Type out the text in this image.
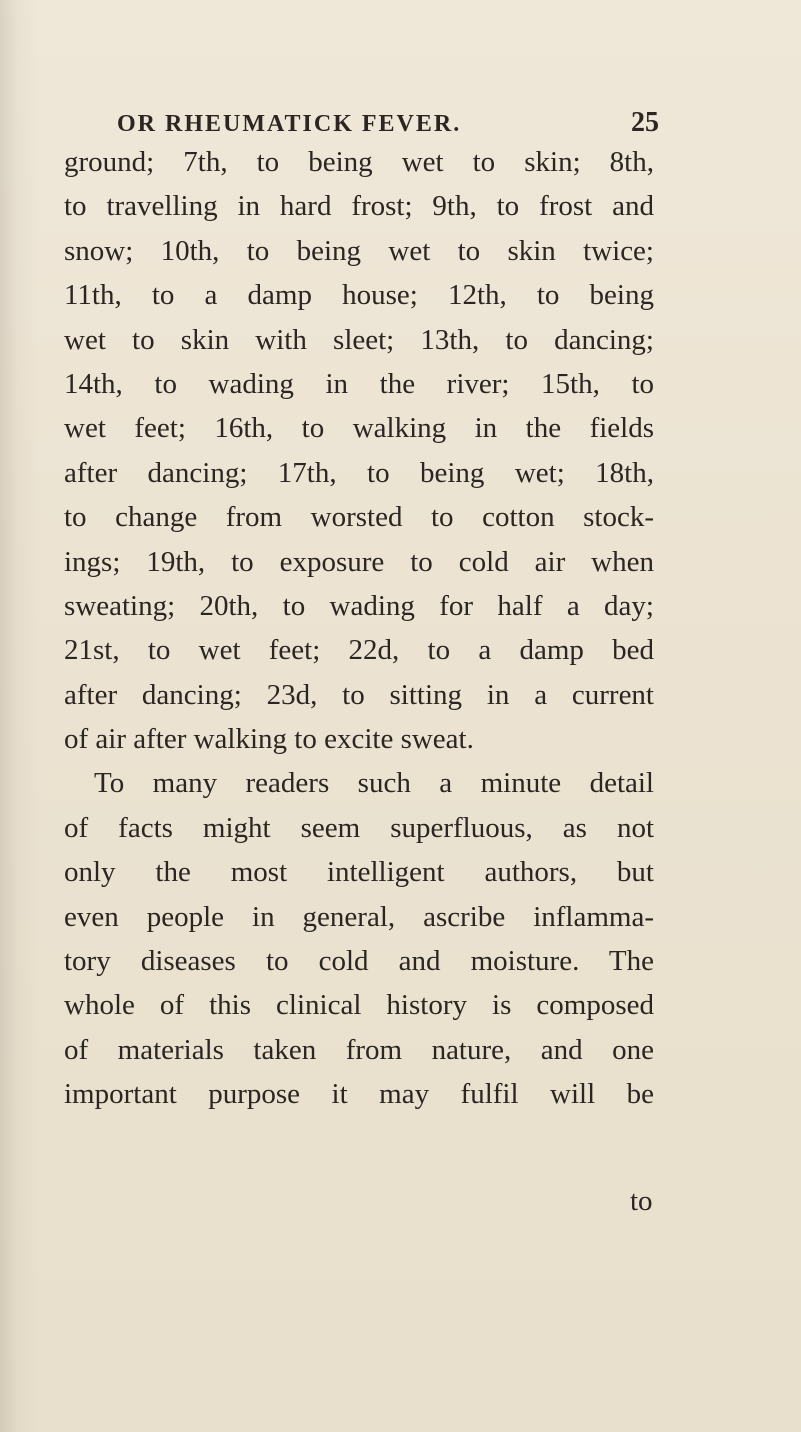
OR RHEUMATICK FEVER.	25
ground; 7th, to being wet to skin; 8th,
to travelling in hard frost; 9th, to frost and
snow; 10th, to being wet to skin twice;
11th, to a damp house; 12th, to being
wet to skin with sleet; 13th, to dancing;
14th, to wading in the river; 15th, to
wet feet; 16th, to walking in the fields
after dancing; 17th, to being wet; 18th,
to change from worsted to cotton stock-
ings; 19th, to exposure to cold air when
sweating; 20th, to wading for half a day;
21st, to wet feet; 22d, to a damp bed
after dancing; 23d, to sitting in a current
of air after walking to excite sweat.
To many readers such a minute detail
of facts might seem superfluous, as not
only the most intelligent authors, but
even people in general, ascribe inflamma-
tory diseases to cold and moisture. The
whole of this clinical history is composed
of materials taken from nature, and one
important purpose it may fulfil will be
to
